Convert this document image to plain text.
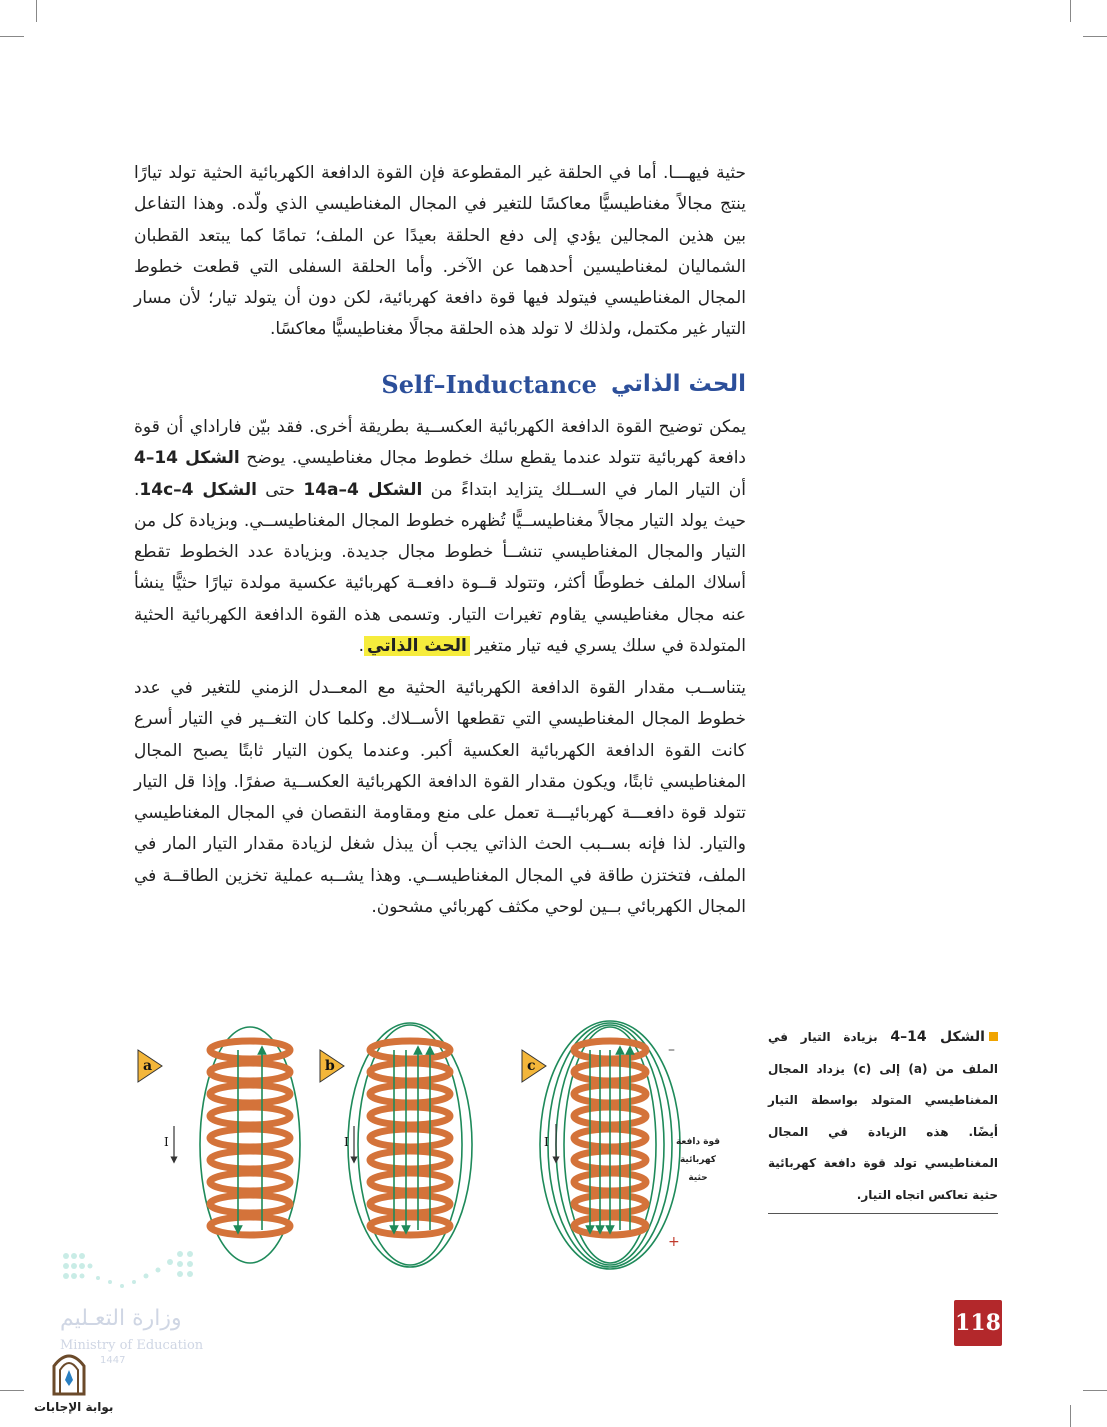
حثية فيهـــا. أما في الحلقة غير المقطوعة فإن القوة الدافعة الكهربائية الحثية تولد تيارًا ينتج مجالاً مغناطيسيًّا معاكسًا للتغير في المجال المغناطيسي الذي ولّده. وهذا التفاعل بين هذين المجالين يؤدي إلى دفع الحلقة بعيدًا عن الملف؛ تمامًا كما يبتعد القطبان الشماليان لمغناطيسين أحدهما عن الآخر. وأما الحلقة السفلى التي قطعت خطوط المجال المغناطيسي فيتولد فيها قوة دافعة كهربائية، لكن دون أن يتولد تيار؛ لأن مسار التيار غير مكتمل، ولذلك لا تولد هذه الحلقة مجالًا مغناطيسيًّا معاكسًا.

الحث الذاتي
Self–Inductance

يمكن توضيح القوة الدافعة الكهربائية العكســية بطريقة أخرى. فقد بيّن فاراداي أن قوة دافعة كهربائية تتولد عندما يقطع سلك خطوط مجال مغناطيسي. يوضح الشكل 14–4 أن التيار المار في الســلك يتزايد ابتداءً من الشكل 14a–4 حتى الشكل 14c–4. حيث يولد التيار مجالاً مغناطيســيًّا تُظهره خطوط المجال المغناطيســي. وبزيادة كل من التيار والمجال المغناطيسي تنشــأ خطوط مجال جديدة. وبزيادة عدد الخطوط تقطع أسلاك الملف خطوطًا أكثر، وتتولد قــوة دافعــة كهربائية عكسية مولدة تيارًا حثيًّا ينشأ عنه مجال مغناطيسي يقاوم تغيرات التيار. وتسمى هذه القوة الدافعة الكهربائية الحثية المتولدة في سلك يسري فيه تيار متغير الحث الذاتي.

يتناســب مقدار القوة الدافعة الكهربائية الحثية مع المعــدل الزمني للتغير في عدد خطوط المجال المغناطيسي التي تقطعها الأســلاك. وكلما كان التغــير في التيار أسرع كانت القوة الدافعة الكهربائية العكسية أكبر. وعندما يكون التيار ثابتًا يصبح المجال المغناطيسي ثابتًا، ويكون مقدار القوة الدافعة الكهربائية العكســية صفرًا. وإذا قل التيار تتولد قوة دافعـــة كهربائيـــة تعمل على منع ومقاومة النقصان في المجال المغناطيسي والتيار. لذا فإنه بســبب الحث الذاتي يجب أن يبذل شغل لزيادة مقدار التيار المار في الملف، فتختزن طاقة في المجال المغناطيســي. وهذا يشــبه عملية تخزين الطاقــة في المجال الكهربائي بــين لوحي مكثف كهربائي مشحون.

الشكل 14–4 بزيادة التيار في الملف من (a) إلى (c) يزداد المجال المغناطيسي المتولد بواسطة التيار أيضًا. هذه الزيادة في المجال المغناطيسي تولد قوة دافعة كهربائية حثية تعاكس اتجاه التيار.
a
I
b
I
c
I
–
+
قوة دافعة
كهربائية
حثية
وزارة التعـليم
Ministry of Education
1447
بوابة الإجابات
118
